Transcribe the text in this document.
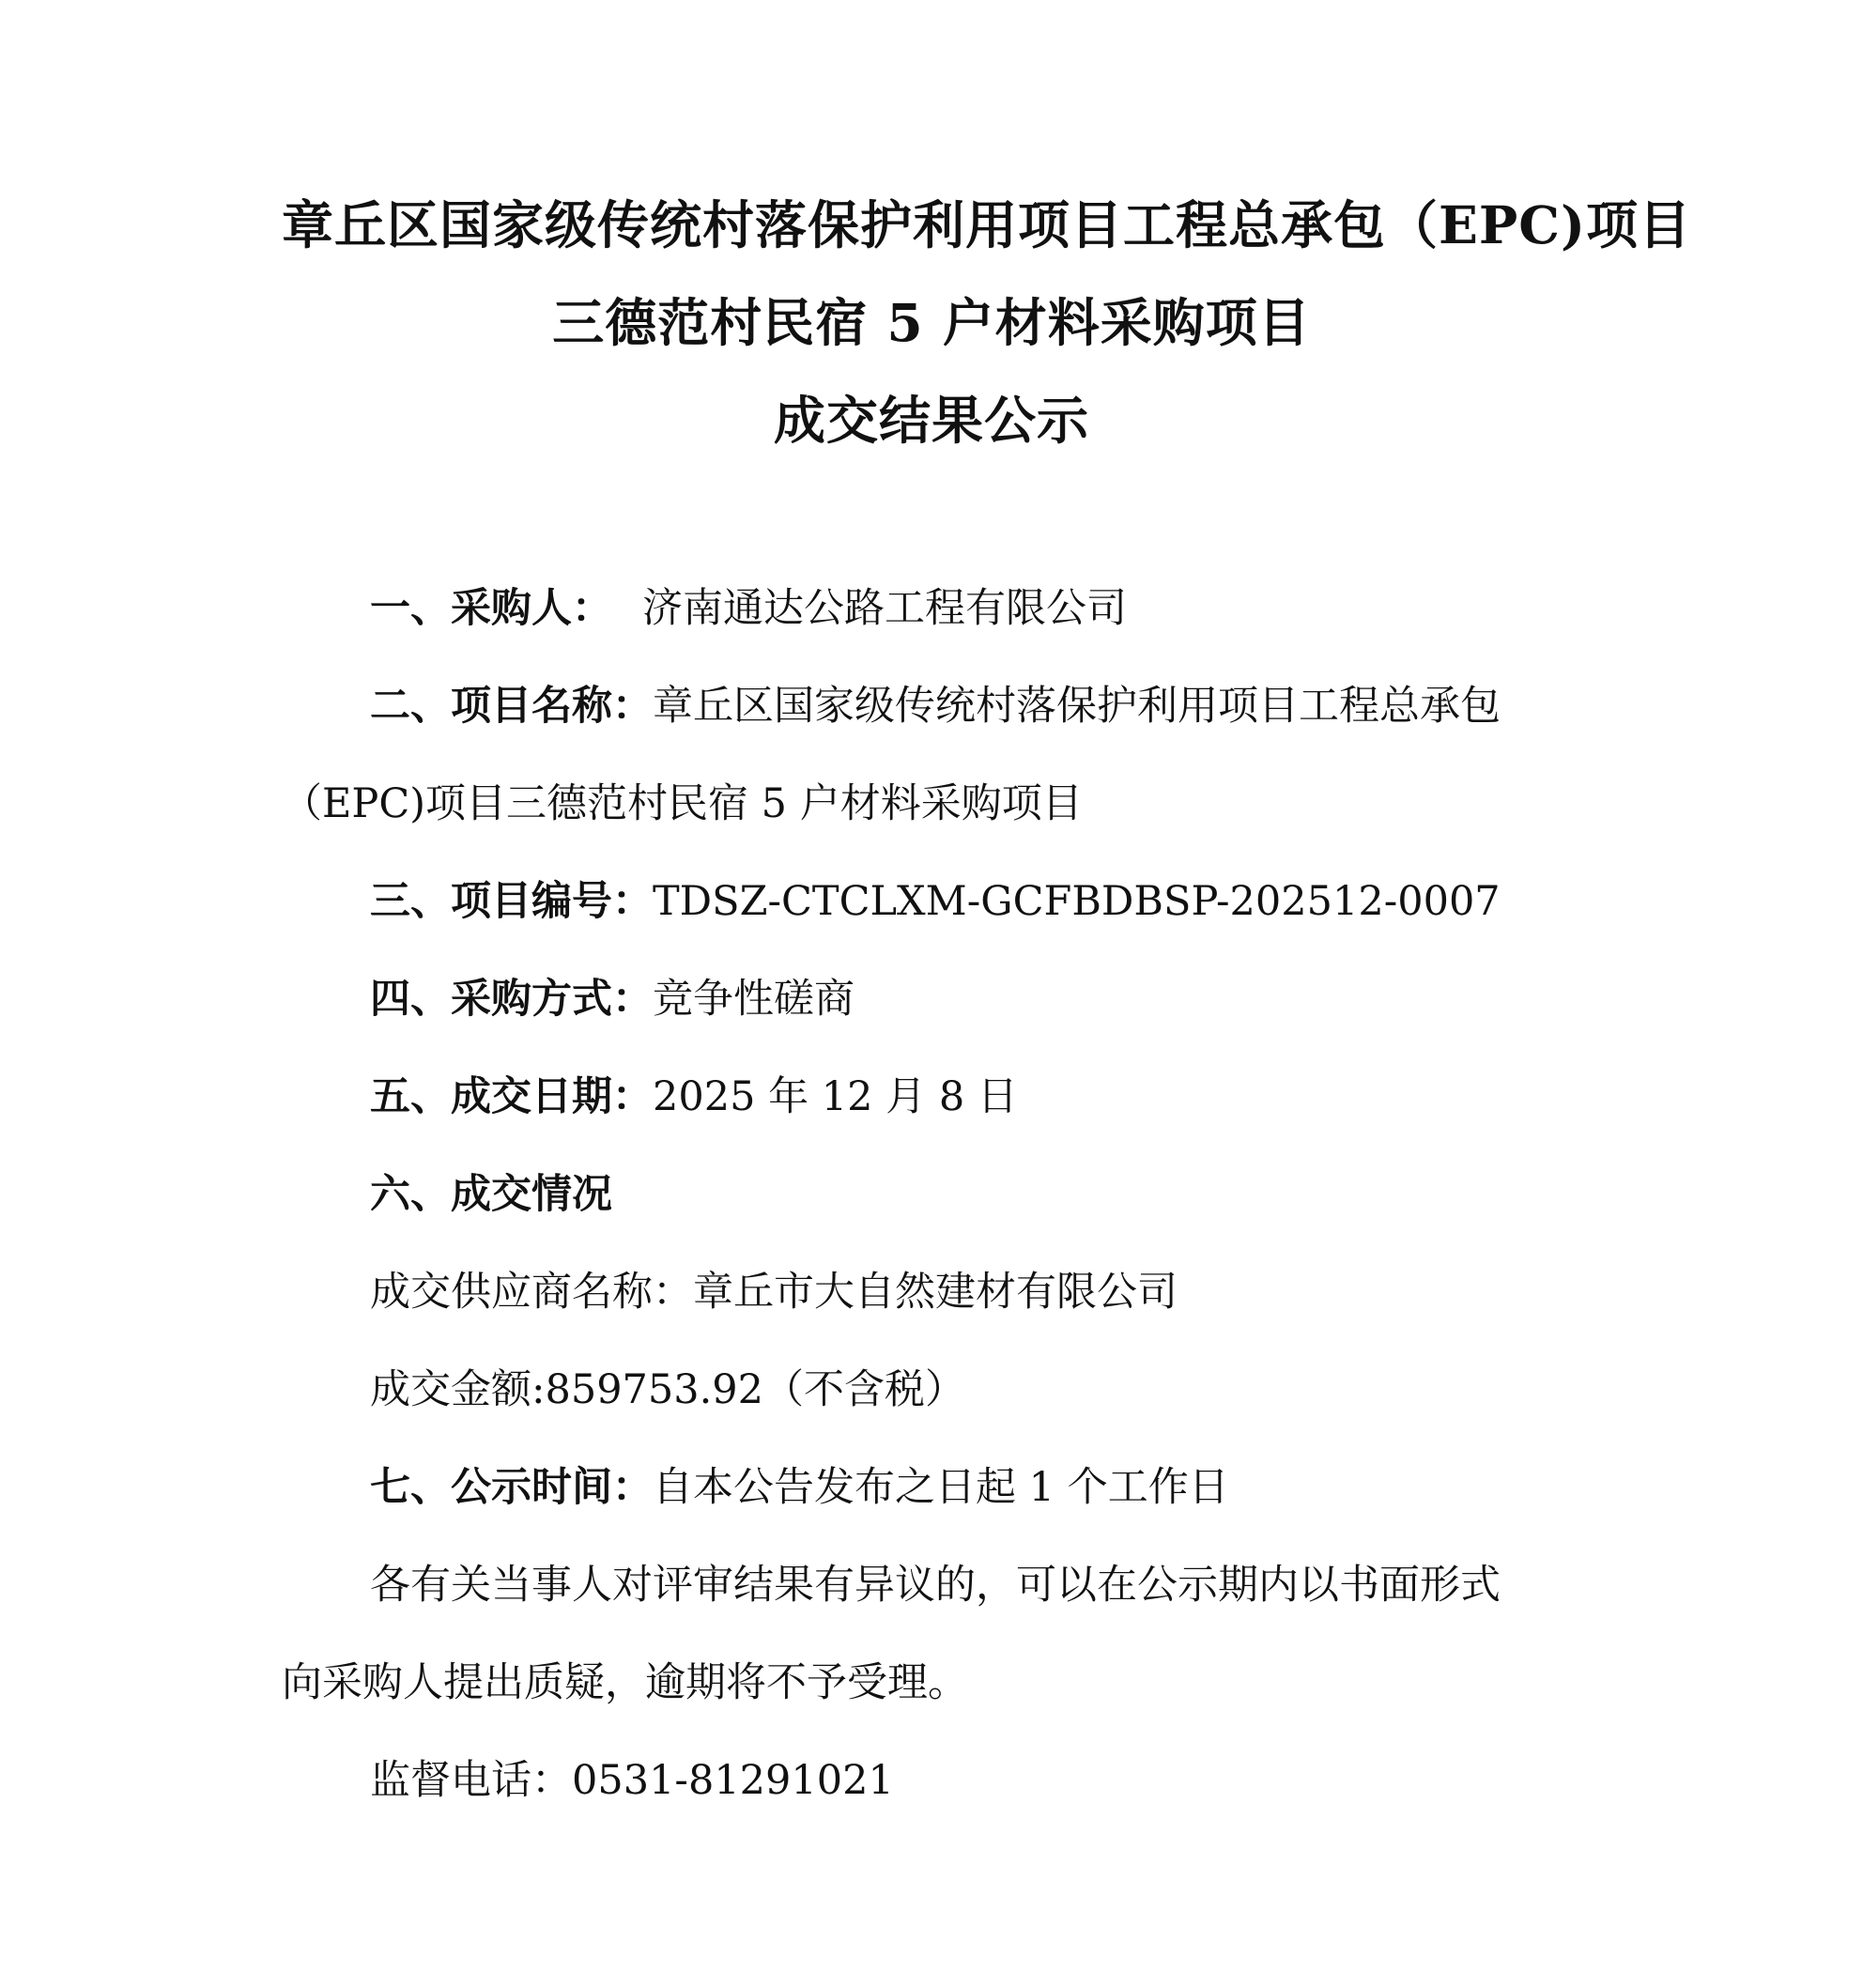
章丘区国家级传统村落保护利用项目工程总承包（EPC)项目
三德范村民宿 5 户材料采购项目
成交结果公示
一、采购人： 济南通达公路工程有限公司
二、项目名称：章丘区国家级传统村落保护利用项目工程总承包
（EPC)项目三德范村民宿 5 户材料采购项目
三、项目编号：TDSZ-CTCLXM-GCFBDBSP-202512-0007
四、采购方式：竞争性磋商
五、成交日期：2025 年 12 月 8 日
六、成交情况
成交供应商名称：章丘市大自然建材有限公司
成交金额:859753.92（不含税）
七、公示时间：自本公告发布之日起 1 个工作日
各有关当事人对评审结果有异议的，可以在公示期内以书面形式
向采购人提出质疑，逾期将不予受理。
监督电话：0531-81291021
